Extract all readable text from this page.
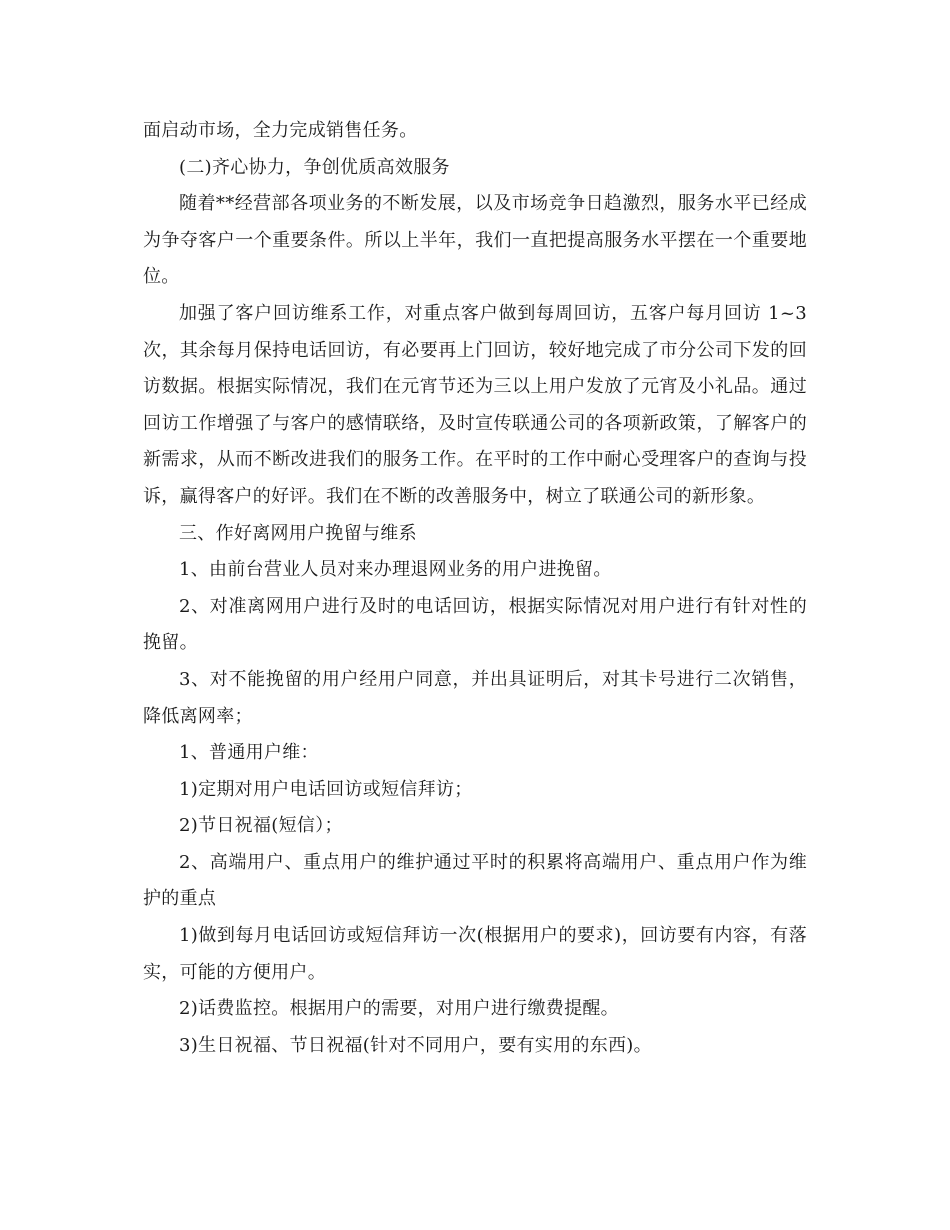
面启动市场，全力完成销售任务。

(二)齐心协力，争创优质高效服务

随着**经营部各项业务的不断发展，以及市场竞争日趋激烈，服务水平已经成为争夺客户一个重要条件。所以上半年，我们一直把提高服务水平摆在一个重要地位。

加强了客户回访维系工作，对重点客户做到每周回访，五客户每月回访 1~3次，其余每月保持电话回访，有必要再上门回访，较好地完成了市分公司下发的回访数据。根据实际情况，我们在元宵节还为三以上用户发放了元宵及小礼品。通过回访工作增强了与客户的感情联络，及时宣传联通公司的各项新政策，了解客户的新需求，从而不断改进我们的服务工作。在平时的工作中耐心受理客户的查询与投诉，赢得客户的好评。我们在不断的改善服务中，树立了联通公司的新形象。

三、作好离网用户挽留与维系

1、由前台营业人员对来办理退网业务的用户进挽留。

2、对准离网用户进行及时的电话回访，根据实际情况对用户进行有针对性的挽留。

3、对不能挽留的用户经用户同意，并出具证明后，对其卡号进行二次销售，降低离网率；

1、普通用户维：

1)定期对用户电话回访或短信拜访；

2)节日祝福(短信）；

2、高端用户、重点用户的维护通过平时的积累将高端用户、重点用户作为维护的重点

1)做到每月电话回访或短信拜访一次(根据用户的要求)，回访要有内容，有落实，可能的方便用户。

2)话费监控。根据用户的需要，对用户进行缴费提醒。

3)生日祝福、节日祝福(针对不同用户，要有实用的东西)。
